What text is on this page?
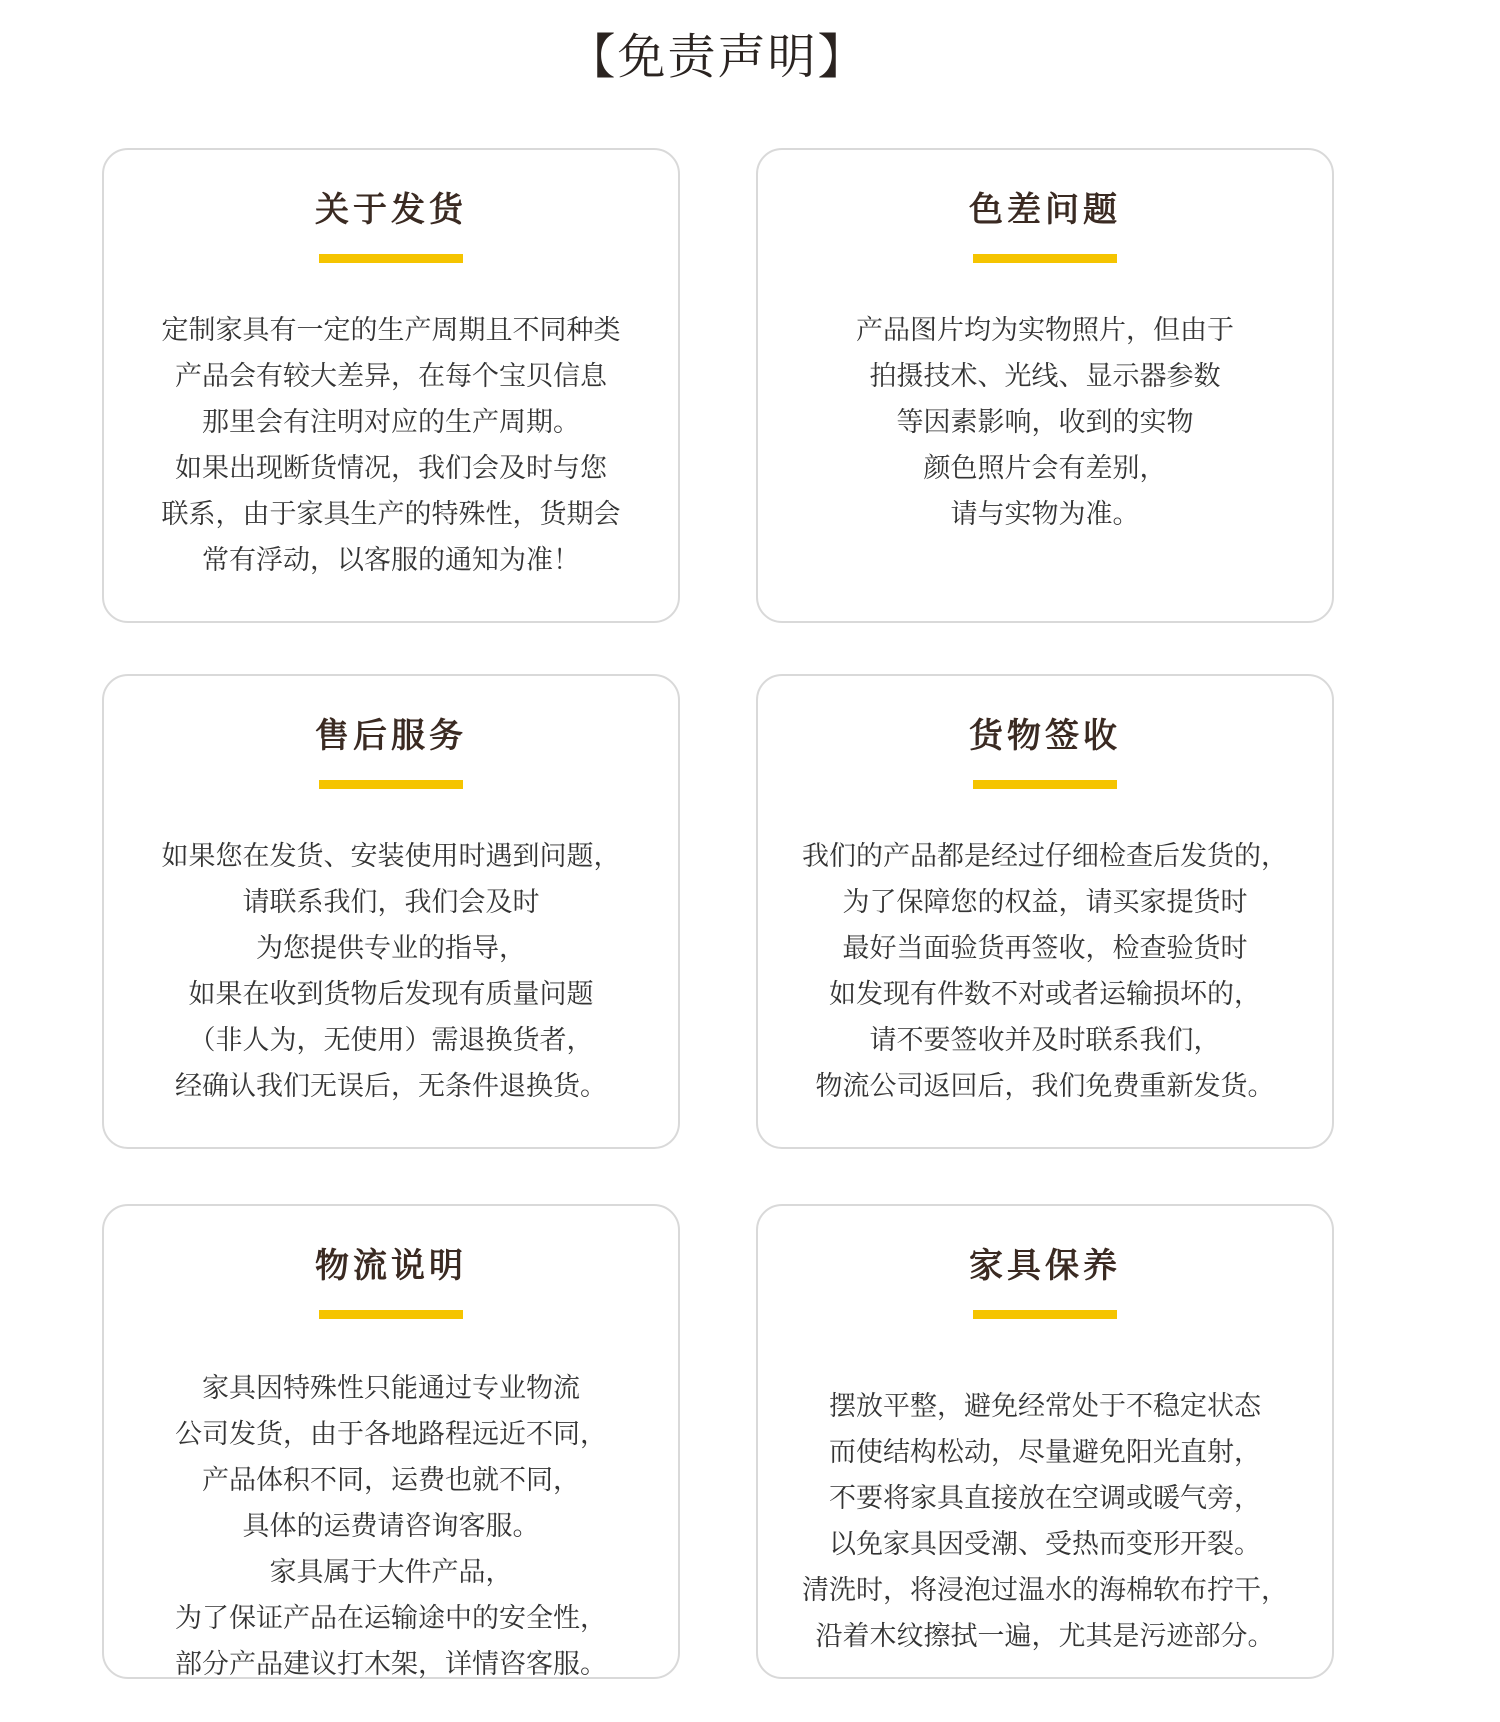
【免责声明】
关于发货
定制家具有一定的生产周期且不同种类
产品会有较大差异，在每个宝贝信息
那里会有注明对应的生产周期。
如果出现断货情况，我们会及时与您
联系，由于家具生产的特殊性，货期会
常有浮动，以客服的通知为准！
色差问题
产品图片均为实物照片，但由于
拍摄技术、光线、显示器参数
等因素影响，收到的实物
颜色照片会有差别，
请与实物为准。
售后服务
如果您在发货、安装使用时遇到问题，
请联系我们，我们会及时
为您提供专业的指导，
如果在收到货物后发现有质量问题
（非人为，无使用）需退换货者，
经确认我们无误后，无条件退换货。
货物签收
我们的产品都是经过仔细检查后发货的，
为了保障您的权益，请买家提货时
最好当面验货再签收，检查验货时
如发现有件数不对或者运输损坏的，
请不要签收并及时联系我们，
物流公司返回后，我们免费重新发货。
物流说明
家具因特殊性只能通过专业物流
公司发货，由于各地路程远近不同，
产品体积不同，运费也就不同，
具体的运费请咨询客服。
家具属于大件产品，
为了保证产品在运输途中的安全性，
部分产品建议打木架，详情咨客服。
家具保养
摆放平整，避免经常处于不稳定状态
而使结构松动，尽量避免阳光直射，
不要将家具直接放在空调或暖气旁，
以免家具因受潮、受热而变形开裂。
清洗时，将浸泡过温水的海棉软布拧干，
沿着木纹擦拭一遍，尤其是污迹部分。
